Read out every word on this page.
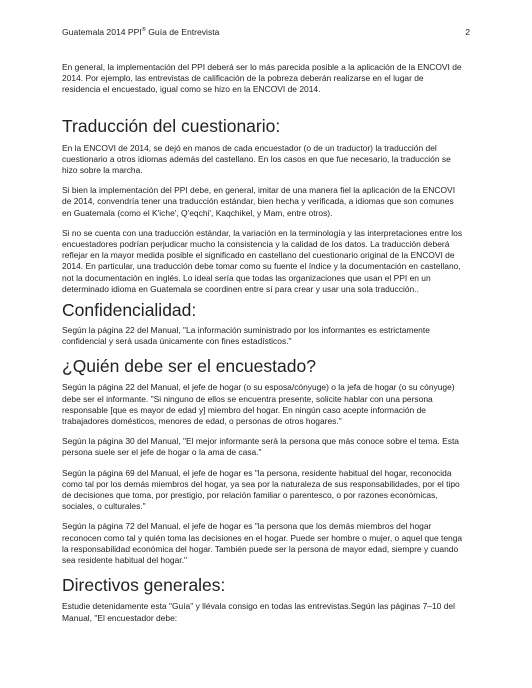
Guatemala 2014 PPI® Guía de Entrevista	2

En general, la implementación del PPI deberá ser lo más parecida posible a la aplicación de la ENCOVI de 2014. Por ejemplo, las entrevistas de calificación de la pobreza deberán realizarse en el lugar de residencia el encuestado, igual como se hizo en la ENCOVI de 2014.

Traducción del cuestionario:

En la ENCOVI de 2014, se dejó en manos de cada encuestador (o de un traductor) la traducción del cuestionario a otros idiomas además del castellano. En los casos en que fue necesario, la traducción se hizo sobre la marcha.

Si bien la implementación del PPI debe, en general, imitar de una manera fiel la aplicación de la ENCOVI de 2014, convendría tener una traducción estándar, bien hecha y verificada, a idiomas que son comunes en Guatemala (como el K'iche', Q'eqchi', Kaqchikel, y Mam, entre otros).

Si no se cuenta con una traducción estándar, la variación en la terminología y las interpretaciones entre los encuestadores podrían perjudicar mucho la consistencia y la calidad de los datos. La traducción deberá reflejar en la mayor medida posible el significado en castellano del cuestionario original de la ENCOVI de 2014. En particular, una traducción debe tomar como su fuente el índice y la documentación en castellano, not la documentación en inglés. Lo ideal sería que todas las organizaciones que usan el PPI en un determinado idioma en Guatemala se coordinen entre sí para crear y usar una sola traducción..

Confidencialidad:

Según la página 22 del Manual, "La información suministrado por los informantes es estrictamente confidencial y será usada únicamente con fines estadísticos."

¿Quién debe ser el encuestado?

Según la página 22 del Manual, el jefe de hogar (o su esposa/cónyuge) o la jefa de hogar (o su cónyuge) debe ser el informante. "Si ninguno de ellos se encuentra presente, solicite hablar con una persona responsable [que es mayor de edad y] miembro del hogar. En ningún caso acepte información de trabajadores domésticos, menores de edad, o personas de otros hogares."

Según la página 30 del Manual, "El mejor informante será la persona que más conoce sobre el tema. Esta persona suele ser el jefe de hogar o la ama de casa."

Según la página 69 del Manual, el jefe de hogar es "la persona, residente habitual del hogar, reconocida como tal por los demás miembros del hogar, ya sea por la naturaleza de sus responsabilidades, por el tipo de decisiones que toma, por prestigio, por relación familiar o parentesco, o por razones económicas, sociales, o culturales."

Según la página 72 del Manual, el jefe de hogar es "la persona que los demás miembros del hogar reconocen como tal y quién toma las decisiones en el hogar. Puede ser hombre o mujer, o aquel que tenga la responsabilidad económica del hogar. También puede ser la persona de mayor edad, siempre y cuando sea residente habitual del hogar."

Directivos generales:

Estudie detenidamente esta "Guía" y llévala consigo en todas las entrevistas.Según las páginas 7–10 del Manual, "El encuestador debe:
